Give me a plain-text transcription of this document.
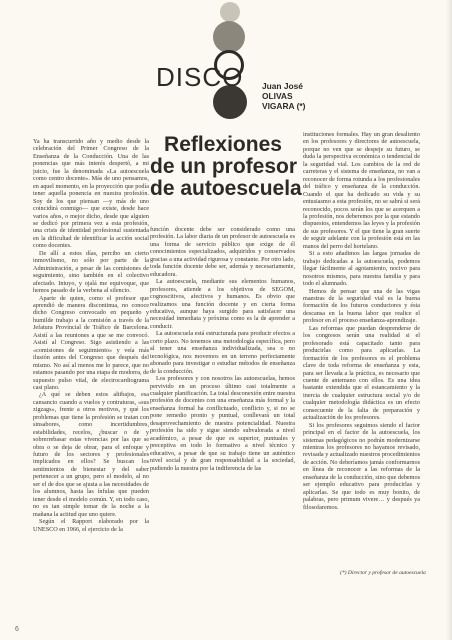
DISCO Juan José
OLIVAS
VIGARA (*)
Reflexiones
de un profesor
de autoescuela

Ya ha transcurrido año y medio desde la celebración del Primer Congreso de la Enseñanza de la Conducción. Una de las ponencias que más interés despertó, a mi juicio, fue la denominada «La autoescuela como centro docente». Más de uno pensamos, en aquel momento, en la proyección que podía tener aquella ponencia en nuestra profesión. Soy de los que piensan —y más de uno coincidirá conmigo— que existe, desde hace varios años, o mejor dicho, desde que alguien se dedicó por primera vez a esta profesión, una crisis de identidad profesional sustentada en la dificultad de identificar la acción social como docentes.

De allí a estos días, percibo un cierto inmovilismo, no sólo por parte de la Administración, a pesar de las comisiones de seguimiento, sino también en el colectivo afectado. Intuyo, y ojalá me equivoque, que hemos pasado de la verbena al silencio.

Aparte de quien, como el profesor que aprendió de manera discontinua, no conoce dicho Congreso convocado en pequeño y humilde trabajo a la comisión a través de la Jefatura Provincial de Tráfico de Barcelona. Asistí a las reuniones a que se me convocó. Asistí al Congreso. Sigo asistiendo a las «comisiones de seguimiento» y veía más ilusión antes del Congreso que después del mismo. No así al menos me lo parece, que no estamos pasando por una etapa de modorra, de supuesto pulso vital, de electrocardiograma casi plano.

¿A qué se deben estos altibajos, esa cansancio cuando a vuelos y contraturas, «sus zigzags», frente a otros motivos, y qué los problemas que tiene la profesión se tratan con sinsabores, como incertidumbres, estabilidades, recelos, ¿buscar o de y sobrerrebasar estas vivencias por las que se obra o se deja de obrar, para el enfoque y futuro de los sectores y profesionales implicados en ellos? Se buscan los sentimientos de bienestar y del saber pertenecer a un grupo, pero el modelo, al no ser el de dos que se ajusta a las necesidades de los alumnos, hasta las ínfulas que pueden tener desde el modelo común. Y, en todo caso, no es tan simple tomar de la noche a la mañana la actitud que uno quiere.

Según el Rapport elaborado por la UNESCO en 1966, el ejercicio de la

función docente debe ser considerado como una profesión. La labor diaria de un profesor de autoescuela es una forma de servicio público que exige de él conocimientos especializados, adquiridos y conservados gracias a una actividad rigurosa y constante. Por otro lado, toda función docente debe ser, además y necesariamente, educadora.

La autoescuela, mediante sus elementos humanos, profesores, atiende a los objetivos de SEGOM, cognoscitivos, afectivos y humanos. Es obvio que realizamos una función docente y en cierta forma educativa, aunque haya surgido para satisfacer una necesidad inmediata y próxima como es la de aprender a conducir.

La autoescuela está estructurada para producir efectos a corto plazo. No tenemos una metodología específica, pero al tener una enseñanza individualizada, sea o no tecnológica, nos movemos en un terreno perfectamente abonado para investigar o estudiar métodos de enseñanza de la conducción.

Los profesores y con nosotros las autoescuelas, hemos pervivido en un proceso último casi totalmente a cualquier planificación. La total desconexión entre nuestra profesión de docentes con una enseñanza más formal y la enseñanza formal ha conflictuado, conflicto y, si no se pone remedio pronto y puntual, conllevará un total desaprovechamiento de nuestra potencialidad. Nuestra profesión ha sido y sigue siendo subvalorada a nivel académico, a pesar de que es superior, puntuales y preceptiva en todo lo formativo a nivel técnico y educativo, a pesar de que su trabajo tiene un auténtico nivel social y de gran responsabilidad a la sociedad, pudiendo la nuestra por la indiferencia de las

instituciones formales. Hay un gran desaliento en los profesores y directores de autoescuela, porque no ven que se despeje su futuro, se duda la perspectiva económica o tendencial de la seguridad vial. Los cambios de la red de carreteras y el sistema de enseñanza, no van a reconocer de forma rotunda a los profesionales del tráfico y enseñanza de la conducción. Cuando el que ha dedicado su vida y su entusiasmo a esta profesión, no se sabrá si será reconocido, pocos serán los que se acerquen a la profesión, nos deberemos por la que estando dispuestos, entendemos las leyes y la profesión de sus profesores. Y el que tiene la gran suerte de seguir adelante con la profesión está en las manos del perro del hortelano.

Si a esto añadimos las largas jornadas de trabajo dedicadas a la autoescuela, podemos llegar fácilmente al agotamiento, nocivo para nosotros mismos, para nuestra familia y para todo el alumnado.

Hemos de pensar que una de las vigas maestras de la seguridad vial es la buena formación de los futuros conductores y ésta descansa en la buena labor que realice el profesor en el proceso enseñanza-aprendizaje.

Las reformas que puedan desprenderse de los congresos serán una realidad si el profesorado está capacitado tanto para producirlas como para aplicarlas. La formación de los profesores es el problema clave de toda reforma de enseñanza y esta, para ser llevada a la práctica, es necesario que cuente de antemano con ellos. Es una idea bastante extendida que el estancamiento y la inercia de cualquier estructura social y/o de cualquier metodología didáctica es un efecto consecuente de la falta de preparación y actualización de los profesores.

Si los profesores seguimos siendo el factor principal en el factor de la autoescuela, los sistemas pedagógicos no podrán modernizarse mientras los profesores no hayamos revisado, revisada y actualizado nuestros procedimientos de acción. No deberíamos jamás conformarnos en línea de reconocer a las reformas de la enseñanza de la conducción, sino que debemos ser ejemplo educativo para producirlas y aplicarlas. Se que todo es muy bonito, de palabras, pero primum vivere… y después ya filosofaremos.

(*) Director y profesor de autoescuela
6
